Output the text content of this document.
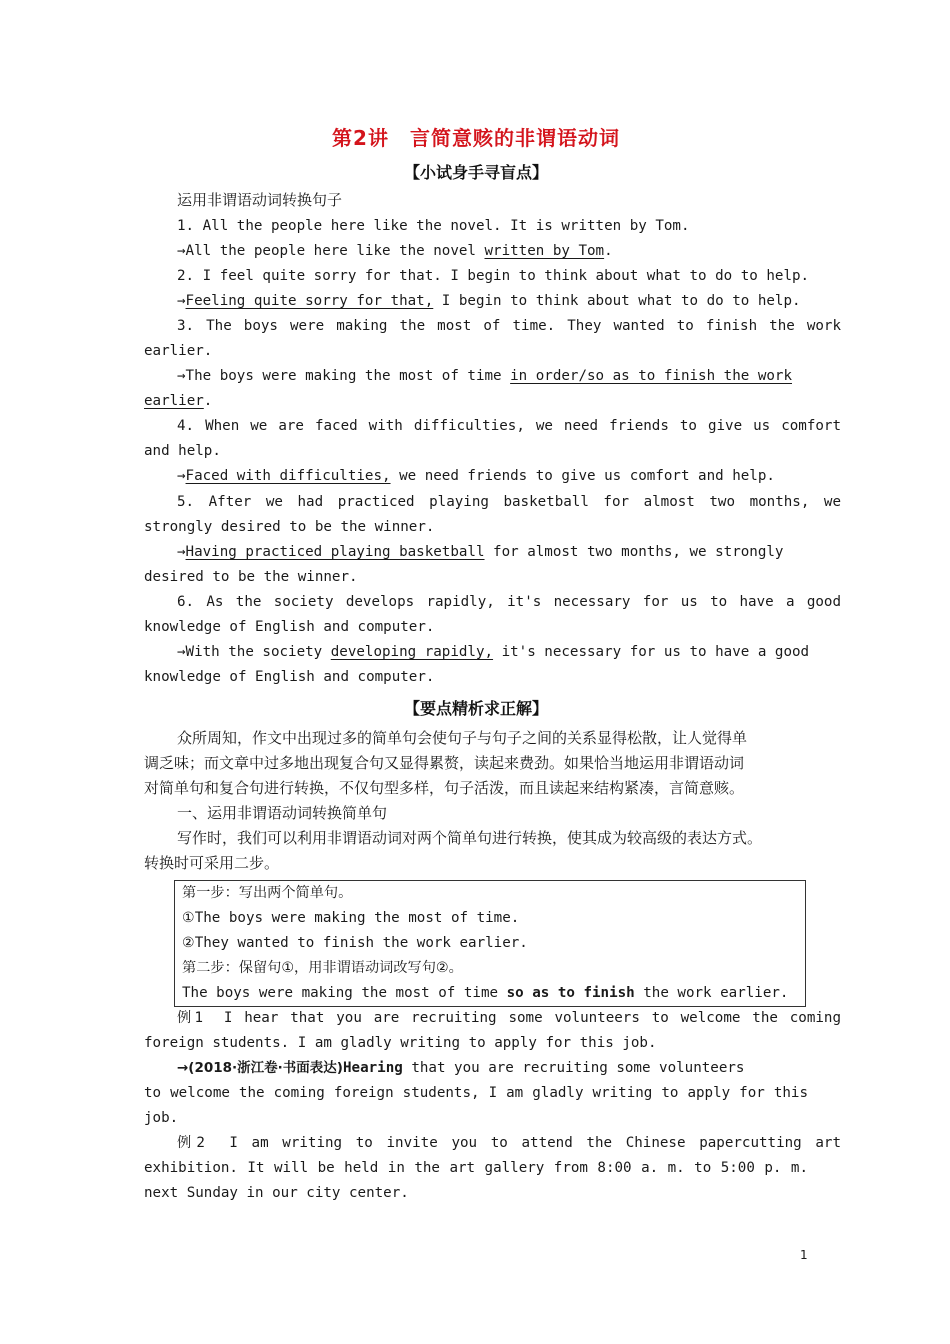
第2讲　言简意赅的非谓语动词
【小试身手寻盲点】
运用非谓语动词转换句子
1. All the people here like the novel. It is written by Tom.
→All the people here like the novel written by Tom.
2. I feel quite sorry for that. I begin to think about what to do to help.
→Feeling quite sorry for that, I begin to think about what to do to help.
3. The boys were making the most of time. They wanted to finish the work
earlier.
→The boys were making the most of time in order/so as to finish the work
earlier.
4. When we are faced with difficulties, we need friends to give us comfort
and help.
→Faced with difficulties, we need friends to give us comfort and help.
5. After we had practiced playing basketball for almost two months, we
strongly desired to be the winner.
→Having practiced playing basketball for almost two months, we strongly
desired to be the winner.
6. As the society develops rapidly, it's necessary for us to have a good
knowledge of English and computer.
→With the society developing rapidly, it's necessary for us to have a good
knowledge of English and computer.
【要点精析求正解】
众所周知，作文中出现过多的简单句会使句子与句子之间的关系显得松散，让人觉得单
调乏味；而文章中过多地出现复合句又显得累赘，读起来费劲。如果恰当地运用非谓语动词
对简单句和复合句进行转换，不仅句型多样，句子活泼，而且读起来结构紧凑，言简意赅。
一、运用非谓语动词转换简单句
写作时，我们可以利用非谓语动词对两个简单句进行转换，使其成为较高级的表达方式。
转换时可采用二步。
第一步：写出两个简单句。
①The boys were making the most of time.
②They wanted to finish the work earlier.
第二步：保留句①，用非谓语动词改写句②。
The boys were making the most of time so as to finish the work earlier.
例1　I hear that you are recruiting some volunteers to welcome the coming
foreign students. I am gladly writing to apply for this job.
→(2018·浙江卷·书面表达)Hearing that you are recruiting some volunteers
to welcome the coming foreign students, I am gladly writing to apply for this
job.
例2　I am writing to invite you to attend the Chinese papercutting art
exhibition. It will be held in the art gallery from 8:00 a. m. to 5:00 p. m.
next Sunday in our city center.
1
